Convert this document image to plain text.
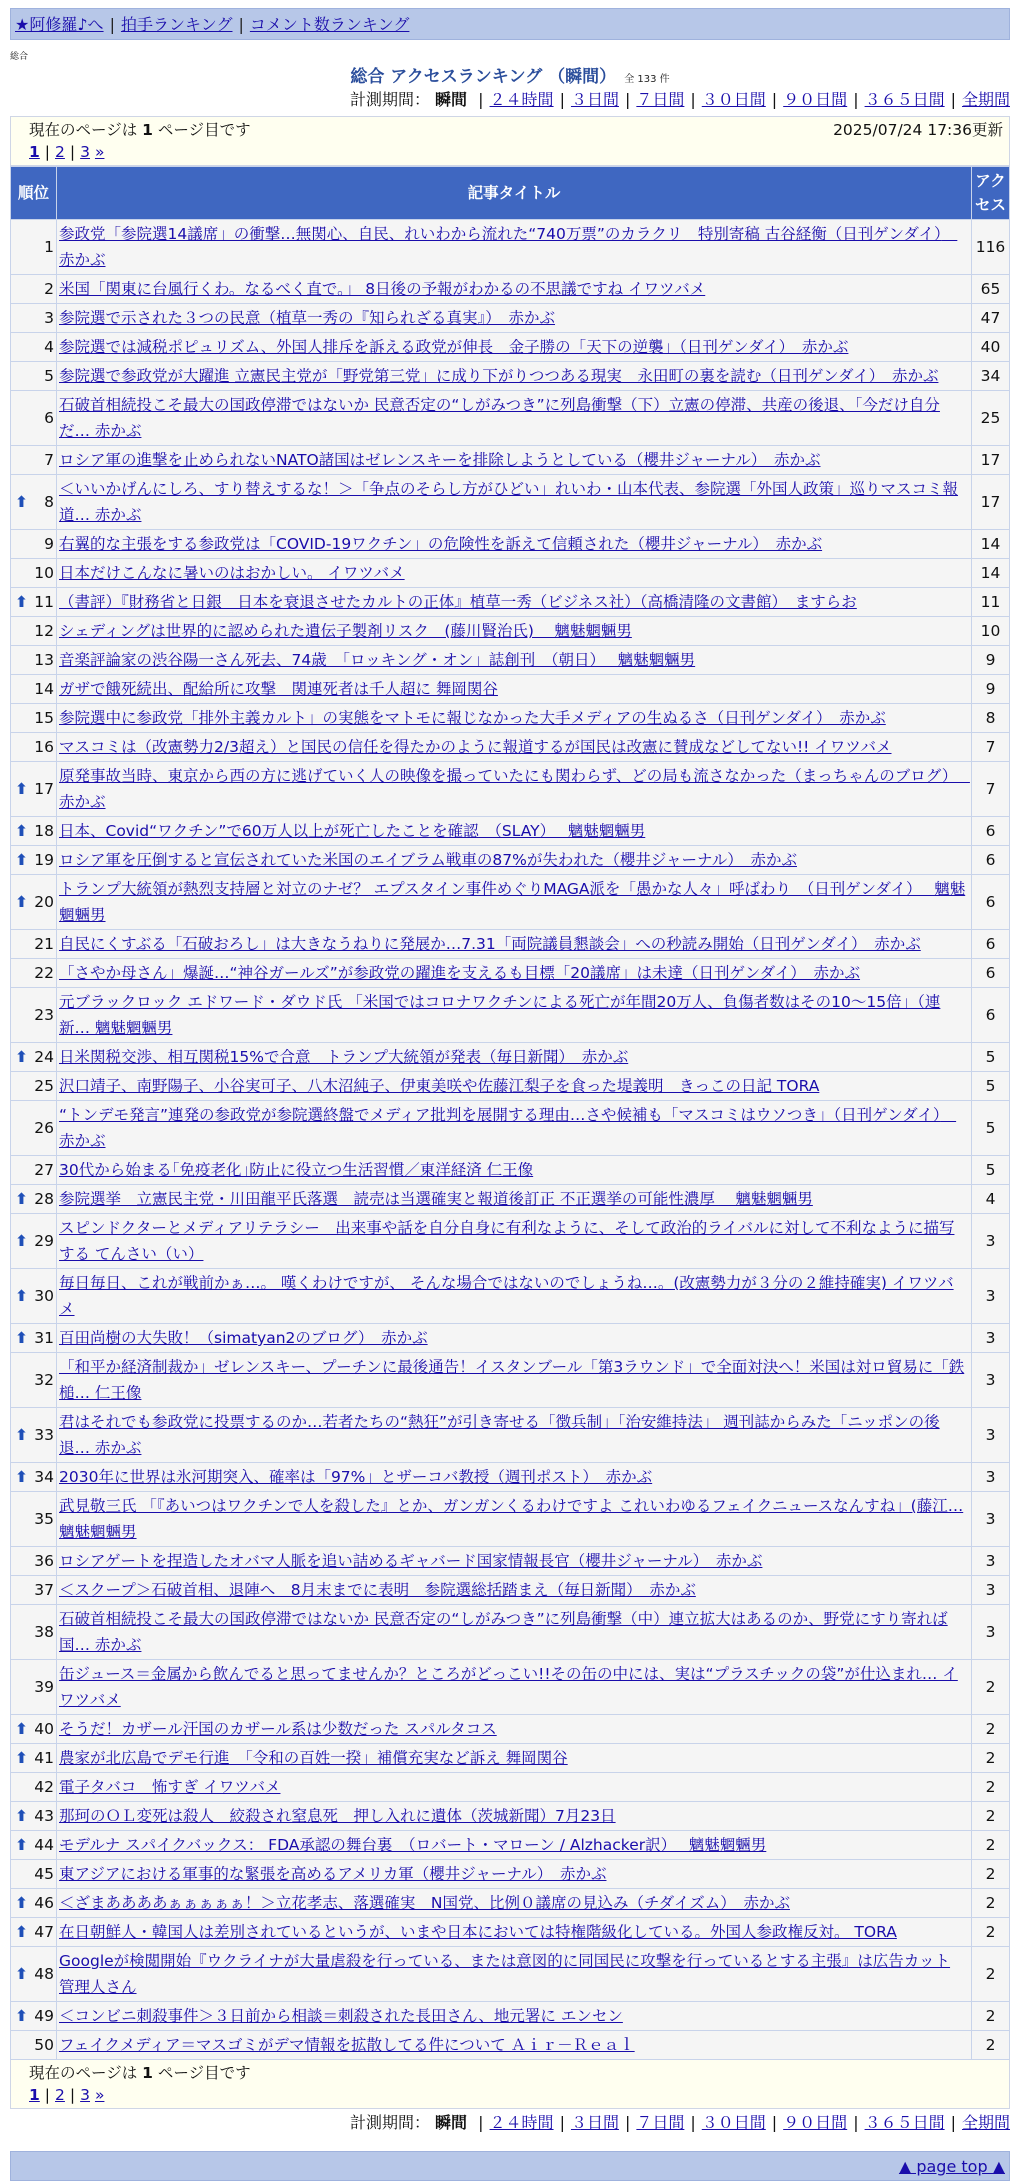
★阿修羅♪へ | 拍手ランキング | コメント数ランキング
総合
総合 アクセスランキング （瞬間） 全 133 件
計測期間： 瞬間 | ２４時間 | ３日間 | ７日間 | ３０日間 | ９０日間 | ３６５日間 | 全期間
現在のページは 1 ページ目です	2025/07/24 17:36更新
1 | 2 | 3 »
順位	記事タイトル	アクセス
1	参政党「参院選14議席」の衝撃…無関心、自民、れいわから流れた“740万票”のカラクリ　特別寄稿 古谷経衡（日刊ゲンダイ）　赤かぶ	116
2	米国「関東に台風行くわ。なるべく直で。」 8日後の予報がわかるの不思議ですね イワツバメ	65
3	参院選で示された３つの民意（植草一秀の『知られざる真実』）　赤かぶ	47
4	参院選では減税ポピュリズム、外国人排斥を訴える政党が伸長　金子勝の「天下の逆襲」（日刊ゲンダイ）　赤かぶ	40
5	参院選で参政党が大躍進 立憲民主党が「野党第三党」に成り下がりつつある現実　永田町の裏を読む（日刊ゲンダイ）　赤かぶ	34
6	石破首相続投こそ最大の国政停滞ではないか 民意否定の“しがみつき”に列島衝撃（下）立憲の停滞、共産の後退、「今だけ自分だ… 赤かぶ	25
7	ロシア軍の進撃を止められないNATO諸国はゼレンスキーを排除しようとしている（櫻井ジャーナル）　赤かぶ	17

⬆ 8	＜いいかげんにしろ、すり替えするな！＞「争点のそらし方がひどい」れいわ・山本代表、参院選「外国人政策」巡りマスコミ報道… 赤かぶ	17
9	右翼的な主張をする参政党は「COVID-19ワクチン」の危険性を訴えて信頼された（櫻井ジャーナル）　赤かぶ	14
10	日本だけこんなに暑いのはおかしい。 イワツバメ	14

⬆ 11	（書評）『財務省と日銀　日本を衰退させたカルトの正体』植草一秀（ビジネス社）（高橋清隆の文書館）　ますらお	11
12	シェディングは世界的に認められた遺伝子製剤リスク　(藤川賢治氏)　 魑魅魍魎男	10
13	音楽評論家の渋谷陽一さん死去、74歳　「ロッキング・オン」誌創刊　（朝日）　 魑魅魍魎男	9
14	ガザで餓死続出、配給所に攻撃　関連死者は千人超に 舞岡関谷	9
15	参院選中に参政党「排外主義カルト」の実態をマトモに報じなかった大手メディアの生ぬるさ（日刊ゲンダイ）　赤かぶ	8
16	マスコミは（改憲勢力2/3超え）と国民の信任を得たかのように報道するが国民は改憲に賛成などしてない!! イワツバメ	7

⬆ 17	原発事故当時、東京から西の方に逃げていく人の映像を撮っていたにも関わらず、どの局も流さなかった（まっちゃんのブログ）　 赤かぶ	7

⬆ 18	日本、Covid“ワクチン”で60万人以上が死亡したことを確認　（SLAY）　 魑魅魍魎男	6

⬆ 19	ロシア軍を圧倒すると宣伝されていた米国のエイブラム戦車の87%が失われた（櫻井ジャーナル）　赤かぶ	6

⬆ 20	トランプ大統領が熱烈支持層と対立のナゼ？ エプスタイン事件めぐりMAGA派を「愚かな人々」呼ばわり　（日刊ゲンダイ）　 魑魅魍魎男	6
21	自民にくすぶる「石破おろし」は大きなうねりに発展か…7.31「両院議員懇談会」への秒読み開始（日刊ゲンダイ）　赤かぶ	6
22	「さやか母さん」爆誕…“神谷ガールズ”が参政党の躍進を支えるも目標「20議席」は未達（日刊ゲンダイ）　赤かぶ	6
23	元ブラックロック エドワード・ダウド氏 「米国ではコロナワクチンによる死亡が年間20万人、負傷者数はその10～15倍」（連新… 魑魅魍魎男	6

⬆ 24	日米関税交渉、相互関税15%で合意　トランプ大統領が発表（毎日新聞）　赤かぶ	5
25	沢口靖子、南野陽子、小谷実可子、八木沼純子、伊東美咲や佐藤江梨子を食った堤義明　きっこの日記 TORA	5
26	“トンデモ発言”連発の参政党が参院選終盤でメディア批判を展開する理由…さや候補も「マスコミはウソつき」（日刊ゲンダイ）　赤かぶ	5
27	30代から始まる｢免疫老化｣防止に役立つ生活習慣／東洋経済 仁王像	5

⬆ 28	参院選挙　立憲民主党・川田龍平氏落選　読売は当選確実と報道後訂正 不正選挙の可能性濃厚　 魑魅魍魎男	4

⬆ 29	スピンドクターとメディアリテラシー　出来事や話を自分自身に有利なように、そして政治的ライバルに対して不利なように描写する てんさい（い）	3

⬆ 30	毎日毎日、これが戦前かぁ…。 嘆くわけですが、 そんな場合ではないのでしょうね…。(改憲勢力が３分の２維持確実) イワツバメ	3

⬆ 31	百田尚樹の大失敗！（simatyan2のブログ）　赤かぶ	3
32	「和平か経済制裁か」ゼレンスキー、プーチンに最後通告！イスタンブール「第3ラウンド」で全面対決へ！米国は対ロ貿易に「鉄槌… 仁王像	3

⬆ 33	君はそれでも参政党に投票するのか…若者たちの“熱狂”が引き寄せる「徴兵制」「治安維持法」 週刊誌からみた「ニッポンの後退… 赤かぶ	3

⬆ 34	2030年に世界は氷河期突入、確率は「97%」とザーコバ教授（週刊ポスト）　赤かぶ	3
35	武見敬三氏 「『あいつはワクチンで人を殺した』とか、ガンガンくるわけですよ これいわゆるフェイクニュースなんすね」(藤江… 魑魅魍魎男	3
36	ロシアゲートを捏造したオバマ人脈を追い詰めるギャバード国家情報長官（櫻井ジャーナル）　赤かぶ	3
37	＜スクープ＞石破首相、退陣へ　8月末までに表明　参院選総括踏まえ（毎日新聞）　赤かぶ	3
38	石破首相続投こそ最大の国政停滞ではないか 民意否定の“しがみつき”に列島衝撃（中）連立拡大はあるのか、野党にすり寄れば国… 赤かぶ	3
39	缶ジュース＝金属から飲んでると思ってませんか？ところがどっこい!!その缶の中には、実は“プラスチックの袋”が仕込まれ… イワツバメ	2

⬆ 40	そうだ！カザール汗国のカザール系は少数だった スパルタコス	2

⬆ 41	農家が北広島でデモ行進　「令和の百姓一揆」補償充実など訴え 舞岡関谷	2
42	電子タバコ　怖すぎ イワツバメ	2

⬆ 43	那珂のＯＬ変死は殺人　絞殺され窒息死　押し入れに遺体（茨城新聞）7月23日	2

⬆ 44	モデルナ スパイクバックス： FDA承認の舞台裏　（ロバート・マローン / Alzhacker訳）　 魑魅魍魎男	2
45	東アジアにおける軍事的な緊張を高めるアメリカ軍（櫻井ジャーナル）　赤かぶ	2

⬆ 46	＜ざまああああぁぁぁぁぁ！＞立花孝志、落選確実　N国党、比例０議席の見込み（チダイズム）　赤かぶ	2

⬆ 47	在日朝鮮人・韓国人は差別されているというが、いまや日本においては特権階級化している。外国人参政権反対。 TORA	2

⬆ 48	Googleが検閲開始『ウクライナが大量虐殺を行っている、または意図的に同国民に攻撃を行っているとする主張』は広告カット 管理人さん	2

⬆ 49	＜コンビニ刺殺事件＞３日前から相談＝刺殺された長田さん、地元署に エンセン	2
50	フェイクメディア＝マスゴミがデマ情報を拡散してる件について Ａｉｒ－Ｒｅａｌ	2
現在のページは 1 ページ目です
1 | 2 | 3 »
計測期間： 瞬間 | ２４時間 | ３日間 | ７日間 | ３０日間 | ９０日間 | ３６５日間 | 全期間
▲ page top ▲
